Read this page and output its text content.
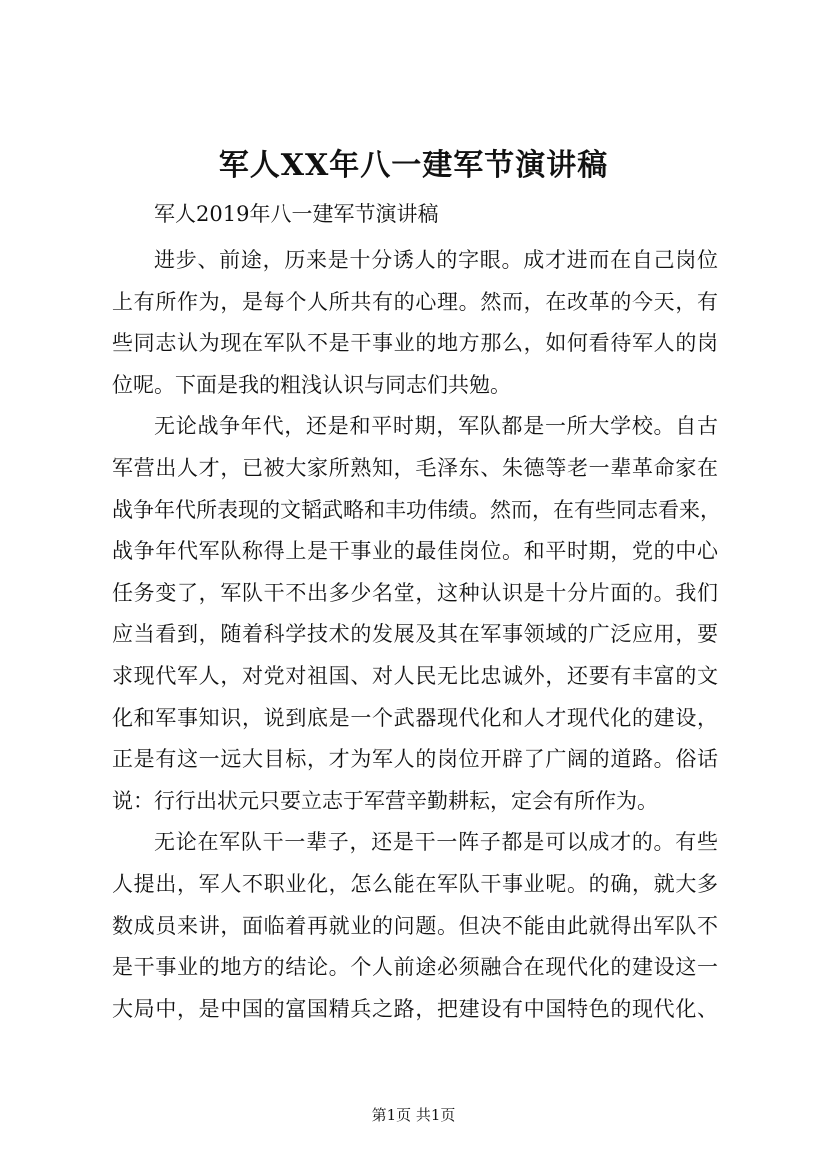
军人XX年八一建军节演讲稿
军人2019年八一建军节演讲稿
进步、前途，历来是十分诱人的字眼。成才进而在自己岗位
上有所作为，是每个人所共有的心理。然而，在改革的今天，有
些同志认为现在军队不是干事业的地方那么，如何看待军人的岗
位呢。下面是我的粗浅认识与同志们共勉。
无论战争年代，还是和平时期，军队都是一所大学校。自古
军营出人才，已被大家所熟知，毛泽东、朱德等老一辈革命家在
战争年代所表现的文韬武略和丰功伟绩。然而，在有些同志看来，
战争年代军队称得上是干事业的最佳岗位。和平时期，党的中心
任务变了，军队干不出多少名堂，这种认识是十分片面的。我们
应当看到，随着科学技术的发展及其在军事领域的广泛应用，要
求现代军人，对党对祖国、对人民无比忠诚外，还要有丰富的文
化和军事知识，说到底是一个武器现代化和人才现代化的建设，
正是有这一远大目标，才为军人的岗位开辟了广阔的道路。俗话
说：行行出状元只要立志于军营辛勤耕耘，定会有所作为。
无论在军队干一辈子，还是干一阵子都是可以成才的。有些
人提出，军人不职业化，怎么能在军队干事业呢。的确，就大多
数成员来讲，面临着再就业的问题。但决不能由此就得出军队不
是干事业的地方的结论。个人前途必须融合在现代化的建设这一
大局中，是中国的富国精兵之路，把建设有中国特色的现代化、
第1页 共1页
